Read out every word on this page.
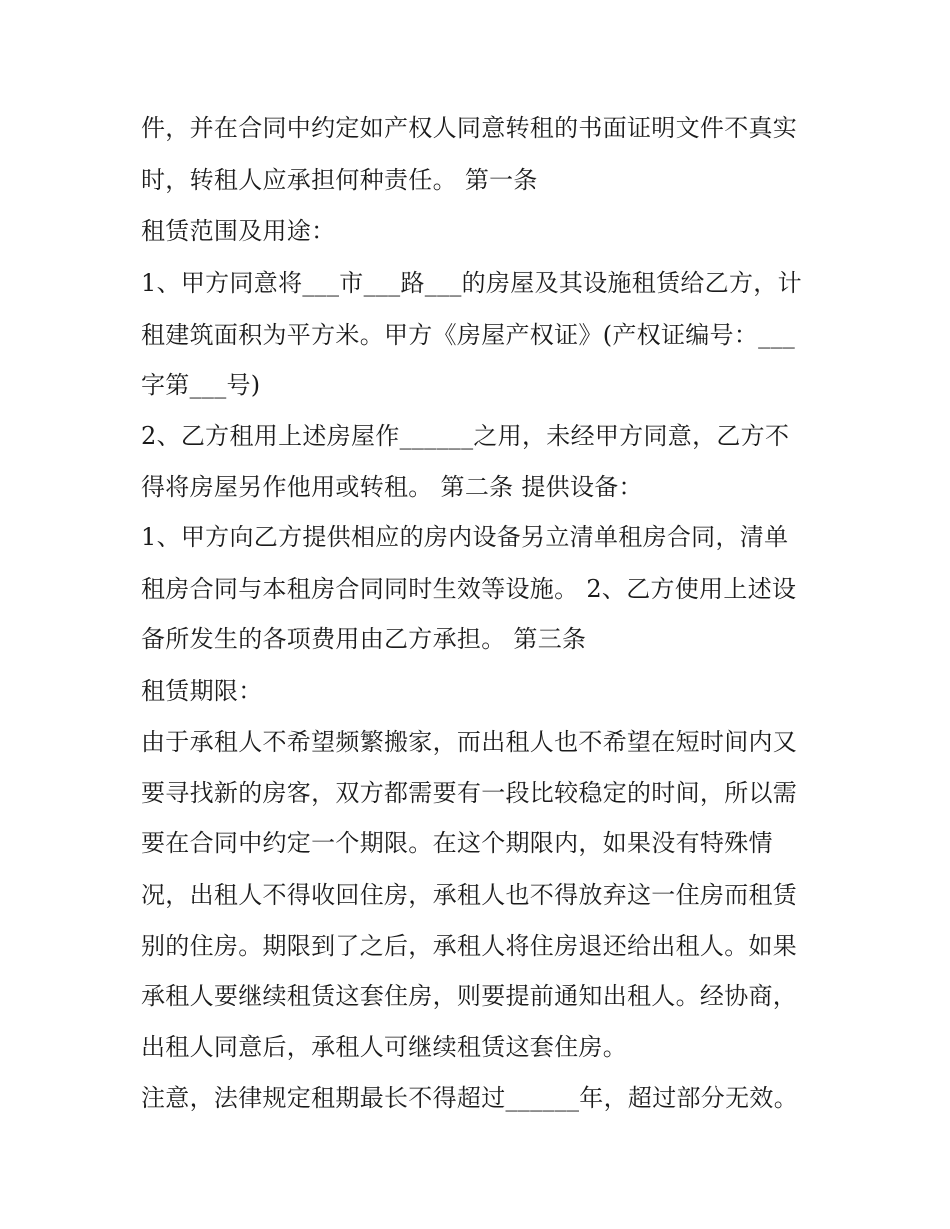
件，并在合同中约定如产权人同意转租的书面证明文件不真实
时，转租人应承担何种责任。 第一条
租赁范围及用途：
1、甲方同意将___市___路___的房屋及其设施租赁给乙方，计
租建筑面积为平方米。甲方《房屋产权证》(产权证编号：___
字第___号)
2、乙方租用上述房屋作______之用，未经甲方同意，乙方不
得将房屋另作他用或转租。 第二条 提供设备：
1、甲方向乙方提供相应的房内设备另立清单租房合同，清单
租房合同与本租房合同同时生效等设施。 2、乙方使用上述设
备所发生的各项费用由乙方承担。 第三条
租赁期限：
由于承租人不希望频繁搬家，而出租人也不希望在短时间内又
要寻找新的房客，双方都需要有一段比较稳定的时间，所以需
要在合同中约定一个期限。在这个期限内，如果没有特殊情
况，出租人不得收回住房，承租人也不得放弃这一住房而租赁
别的住房。期限到了之后，承租人将住房退还给出租人。如果
承租人要继续租赁这套住房，则要提前通知出租人。经协商，
出租人同意后，承租人可继续租赁这套住房。
注意，法律规定租期最长不得超过______年，超过部分无效。
